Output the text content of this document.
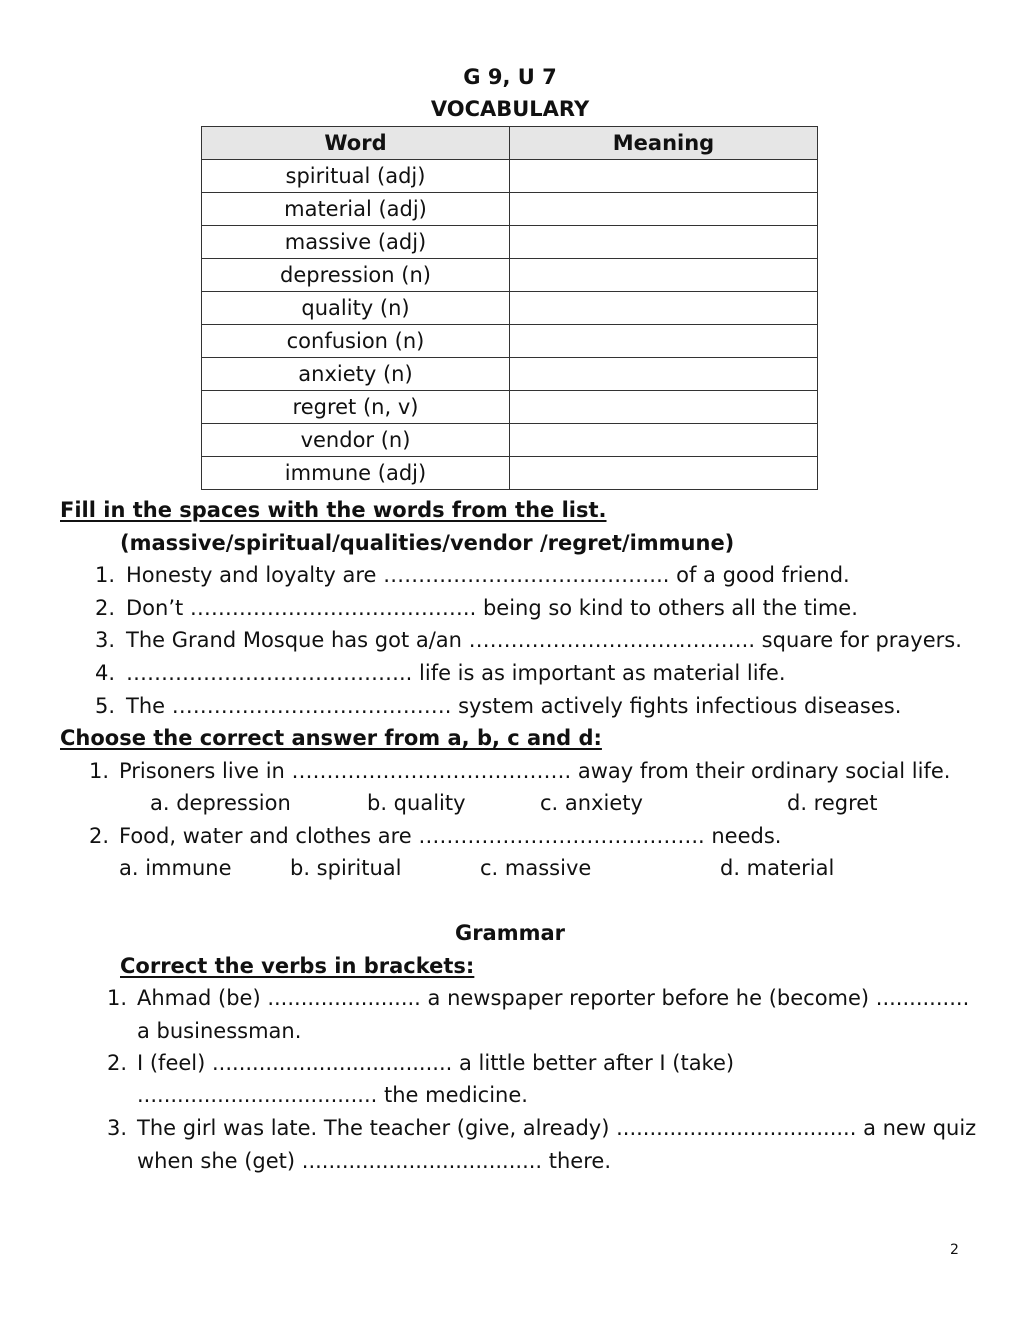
G 9, U 7
VOCABULARY
Word	Meaning
spiritual (adj)	
material (adj)	
massive (adj)	
depression (n)	
quality (n)	
confusion (n)	
anxiety (n)	
regret (n, v)	
vendor (n)	
immune (adj)	
Fill in the spaces with the words from the list.
(massive/spiritual/qualities/vendor /regret/immune)
1. Honesty and loyalty are ………………………………….. of a good friend.
2. Don’t ………………………………….. being so kind to others all the time.
3. The Grand Mosque has got a/an ………………………………….. square for prayers.
4. ………………………………….. life is as important as material life.
5. The …………………………………. system actively fights infectious diseases.
Choose the correct answer from a, b, c and d:
1. Prisoners live in …………………………………. away from their ordinary social life.
a. depression	b. quality	c. anxiety	d. regret
2. Food, water and clothes are ………………………………….. needs.
a. immune	b. spiritual	c. massive	d. material
Grammar
Correct the verbs in brackets:
1. Ahmad (be) ....................... a newspaper reporter before he (become) ..............
a businessman.
2. I (feel) .................................... a little better after I (take)
.................................... the medicine.
3. The girl was late. The teacher (give, already) .................................... a new quiz
when she (get) .................................... there.
2
